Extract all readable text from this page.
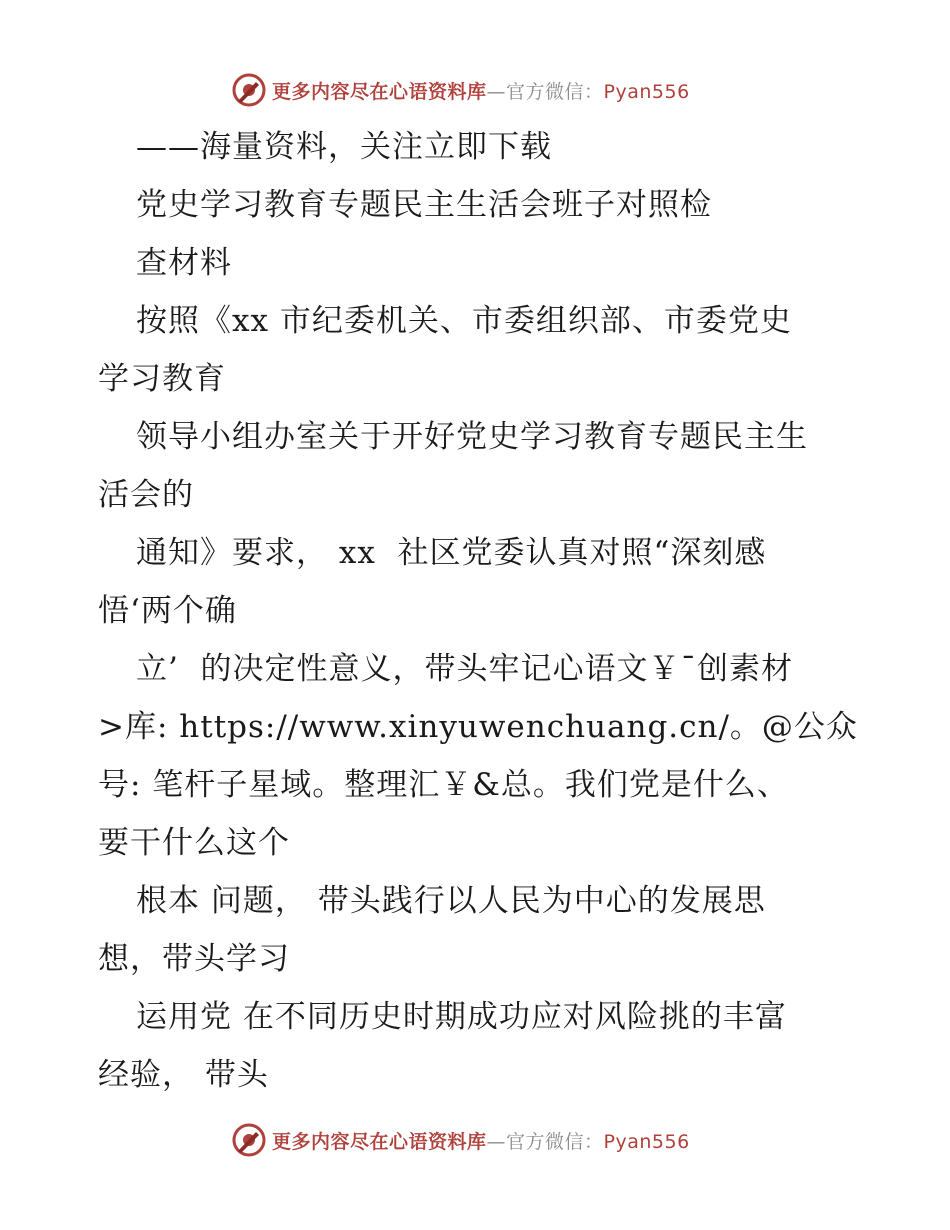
更多内容尽在心语资料库—官方微信：Pyan556
——海量资料，关注立即下载
党史学习教育专题民主生活会班子对照检
查材料
按照《xx 市纪委机关、市委组织部、市委党史
学习教育
领导小组办室关于开好党史学习教育专题民主生
活会的
通知》要求， xx  社区党委认真对照“深刻感
悟‘两个确
立’  的决定性意义，带头牢记心语文￥¯创素材
>库: https://www.xinyuwenchuang.cn/。@公众
号: 笔杆子星域。整理汇￥&总。我们党是什么、
要干什么这个
根本 问题， 带头践行以人民为中心的发展思
想，带头学习
运用党 在不同历史时期成功应对风险挑的丰富
经验， 带头
更多内容尽在心语资料库—官方微信：Pyan556
